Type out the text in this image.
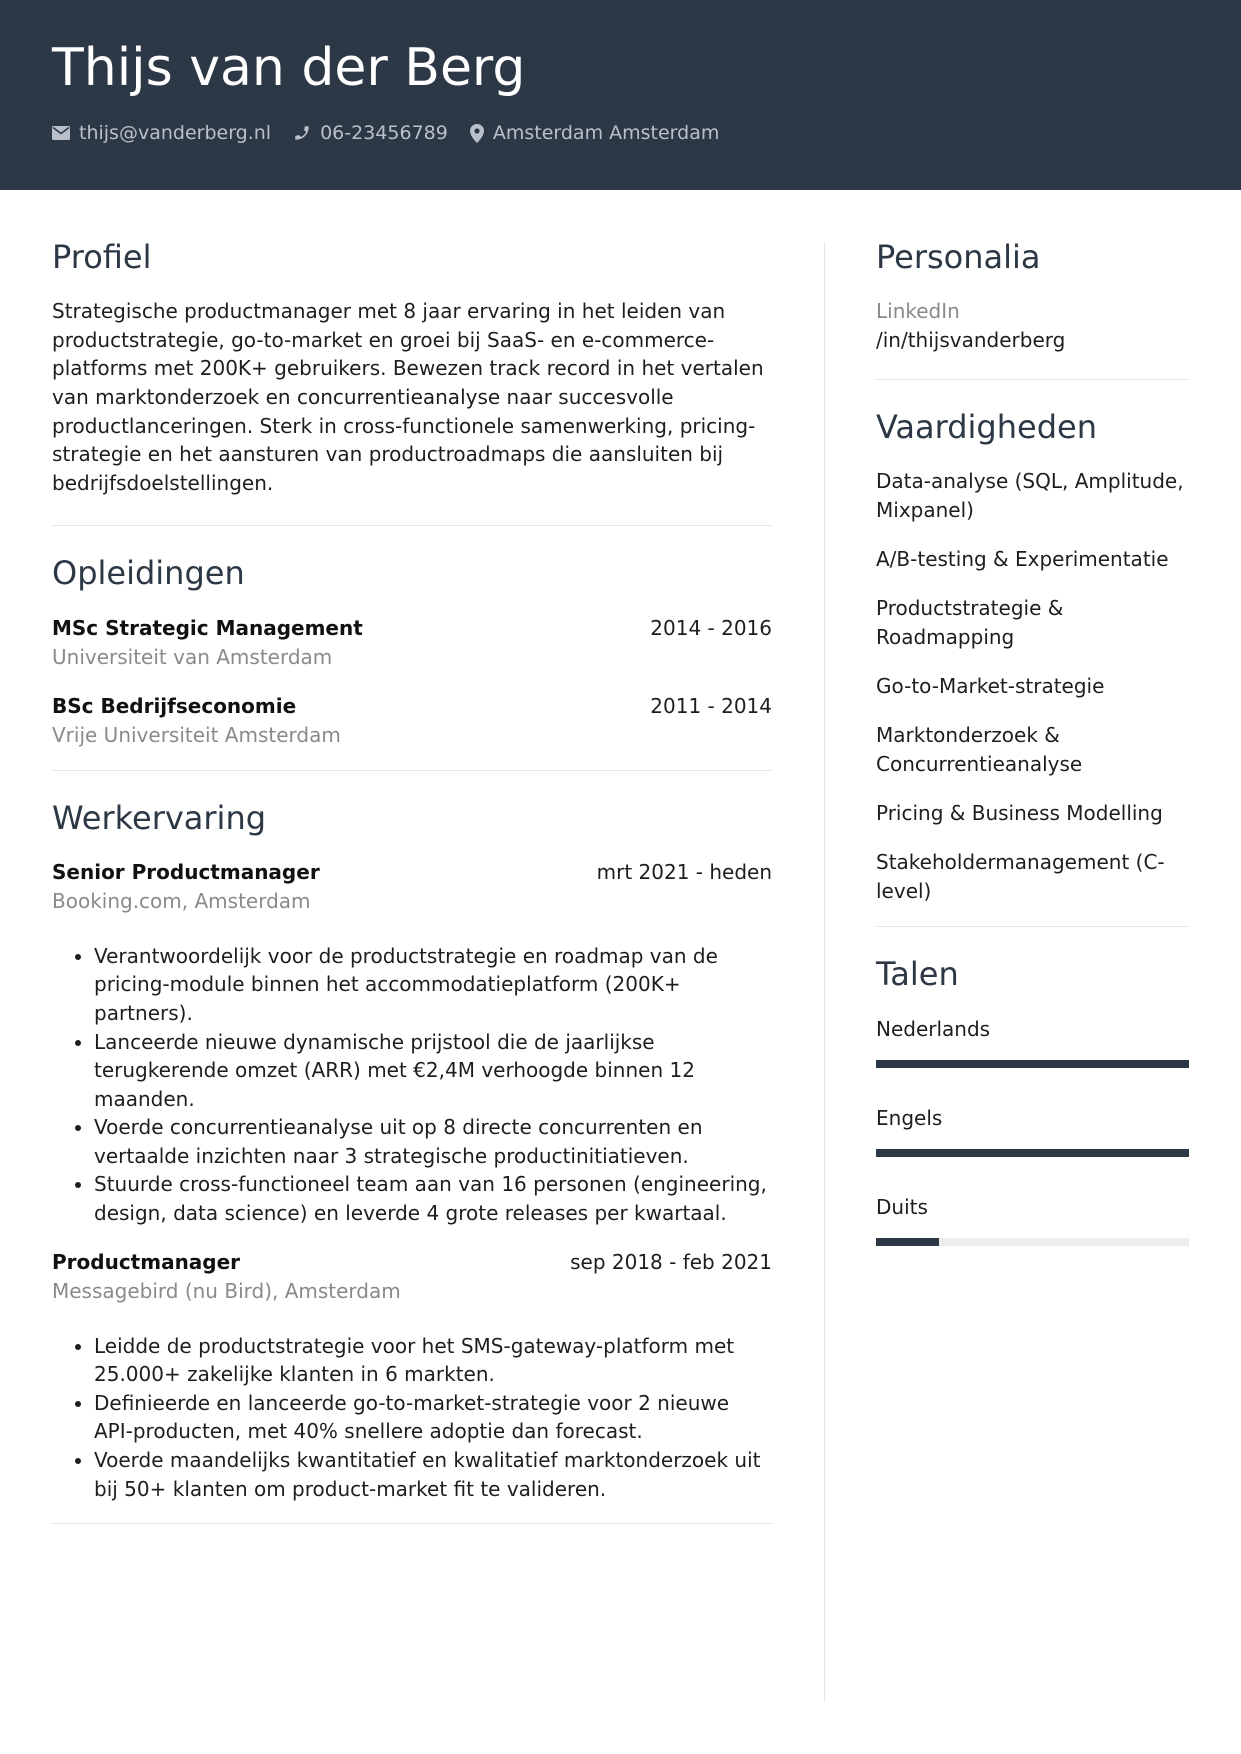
Thijs van der Berg
thijs@vanderberg.nl	06-23456789 Amsterdam Amsterdam
Profiel

Strategische productmanager met 8 jaar ervaring in het leiden van productstrategie, go-to-market en groei bij SaaS- en e-commerce-platforms met 200K+ gebruikers. Bewezen track record in het vertalen van marktonderzoek en concurrentieanalyse naar succesvolle productlanceringen. Sterk in cross-functionele samenwerking, pricing-strategie en het aansturen van productroadmaps die aansluiten bij bedrijfsdoelstellingen.

Opleidingen
MSc Strategic Management	2014 - 2016
Universiteit van Amsterdam
BSc Bedrijfseconomie	2011 - 2014
Vrije Universiteit Amsterdam
Werkervaring
Senior Productmanager	mrt 2021 - heden
Booking.com, Amsterdam
• Verantwoordelijk voor de productstrategie en roadmap van de pricing-module binnen het accommodatieplatform (200K+ partners).
• Lanceerde nieuwe dynamische prijstool die de jaarlijkse terugkerende omzet (ARR) met €2,4M verhoogde binnen 12 maanden.
• Voerde concurrentieanalyse uit op 8 directe concurrenten en vertaalde inzichten naar 3 strategische productinitiatieven.
• Stuurde cross-functioneel team aan van 16 personen (engineering, design, data science) en leverde 4 grote releases per kwartaal.
Productmanager	sep 2018 - feb 2021
Messagebird (nu Bird), Amsterdam
• Leidde de productstrategie voor het SMS-gateway-platform met 25.000+ zakelijke klanten in 6 markten.
• Definieerde en lanceerde go-to-market-strategie voor 2 nieuwe API-producten, met 40% snellere adoptie dan forecast.
• Voerde maandelijks kwantitatief en kwalitatief marktonderzoek uit bij 50+ klanten om product-market fit te valideren.
Personalia
LinkedIn
/in/thijsvanderberg
Vaardigheden
Data-analyse (SQL, Amplitude, Mixpanel)
A/B-testing & Experimentatie
Productstrategie & Roadmapping
Go-to-Market-strategie
Marktonderzoek & Concurrentieanalyse
Pricing & Business Modelling
Stakeholdermanagement (C-level)
Talen
Nederlands
Engels
Duits
